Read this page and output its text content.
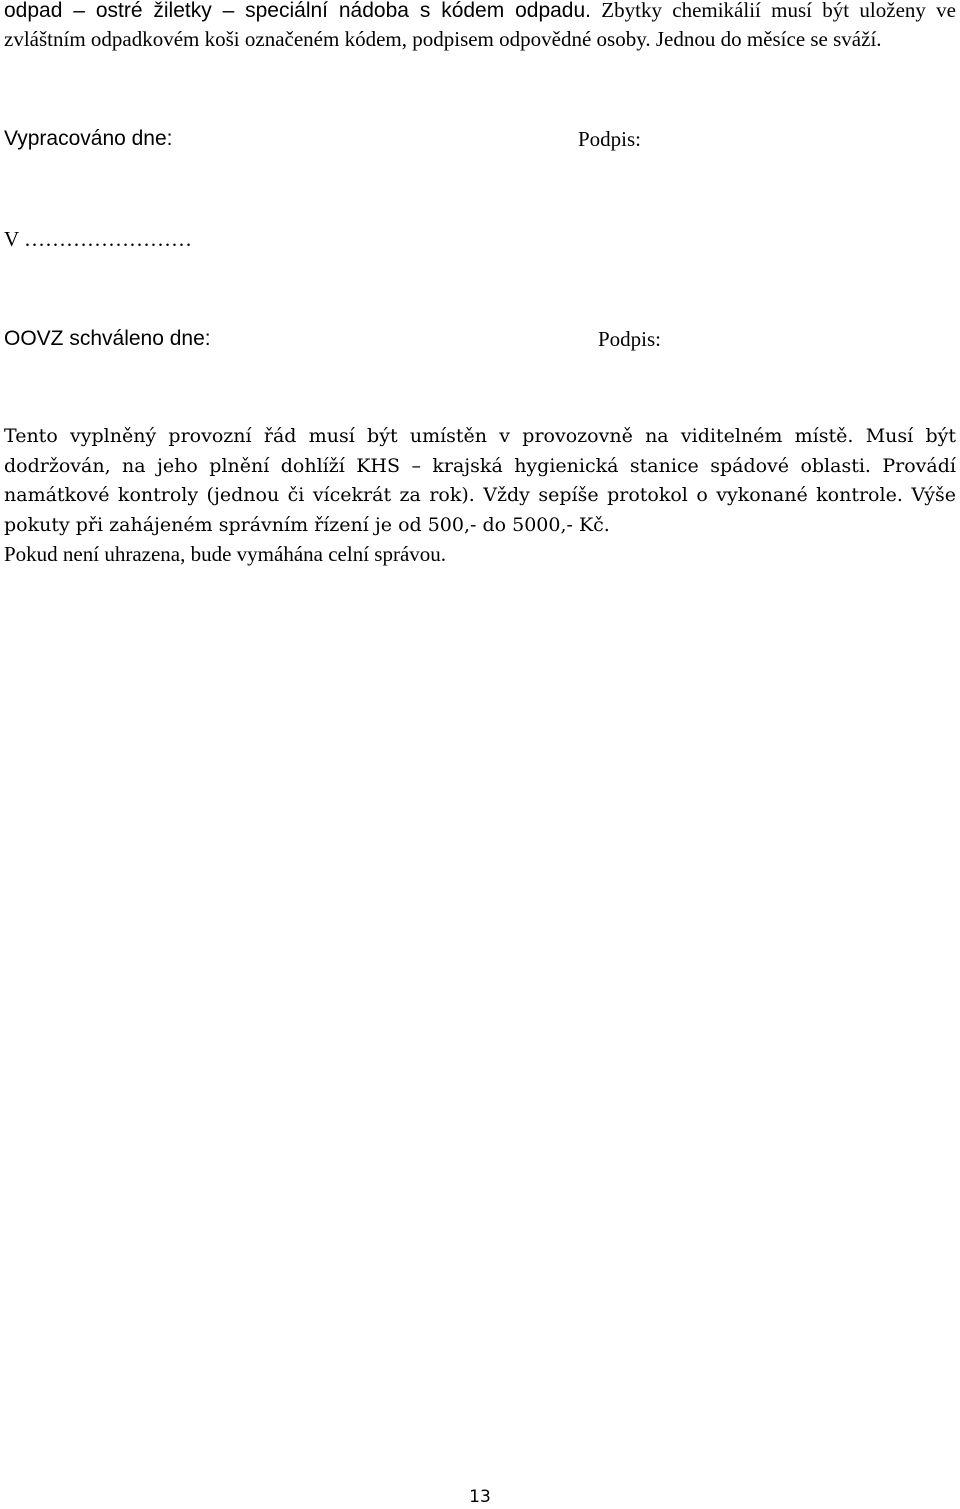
odpad – ostré žiletky – speciální nádoba s kódem odpadu. Zbytky chemikálií musí být uloženy ve zvláštním odpadkovém koši označeném kódem, podpisem odpovědné osoby. Jednou do měsíce se sváží.
Vypracováno dne:	Podpis:
V ……………………
OOVZ schváleno dne:	Podpis:
Tento vyplněný provozní řád musí být umístěn v provozovně na viditelném místě. Musí být dodržován, na jeho plnění dohlíží KHS – krajská hygienická stanice spádové oblasti. Provádí namátkové kontroly (jednou či vícekrát za rok). Vždy sepíše protokol o vykonané kontrole. Výše pokuty při zahájeném správním řízení je od 500,- do 5000,- Kč.
Pokud není uhrazena, bude vymáhána celní správou.
13
